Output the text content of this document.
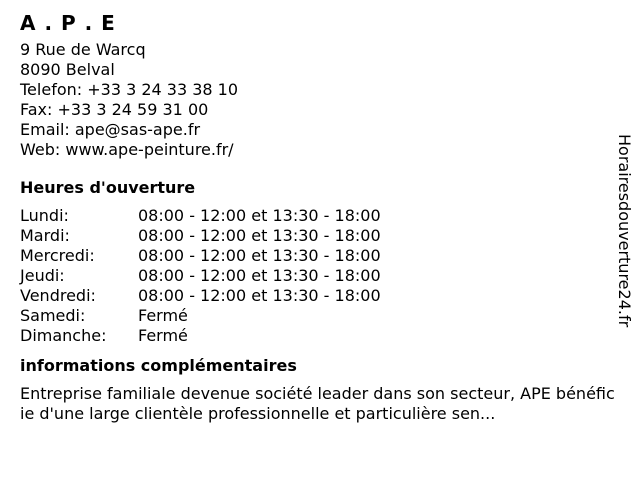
A . P . E
9 Rue de Warcq
8090 Belval
Telefon: +33 3 24 33 38 10
Fax: +33 3 24 59 31 00
Email: ape@sas-ape.fr
Web: www.ape-peinture.fr/
Heures d'ouverture
Lundi:	08:00 - 12:00 et 13:30 - 18:00
Mardi:	08:00 - 12:00 et 13:30 - 18:00
Mercredi:	08:00 - 12:00 et 13:30 - 18:00
Jeudi:	08:00 - 12:00 et 13:30 - 18:00
Vendredi:	08:00 - 12:00 et 13:30 - 18:00
Samedi:	Fermé
Dimanche:	Fermé
informations complémentaires
Entreprise familiale devenue société leader dans son secteur, APE bénéficie d'une large clientèle professionnelle et particulière sen...
Horairesdouverture24.fr
